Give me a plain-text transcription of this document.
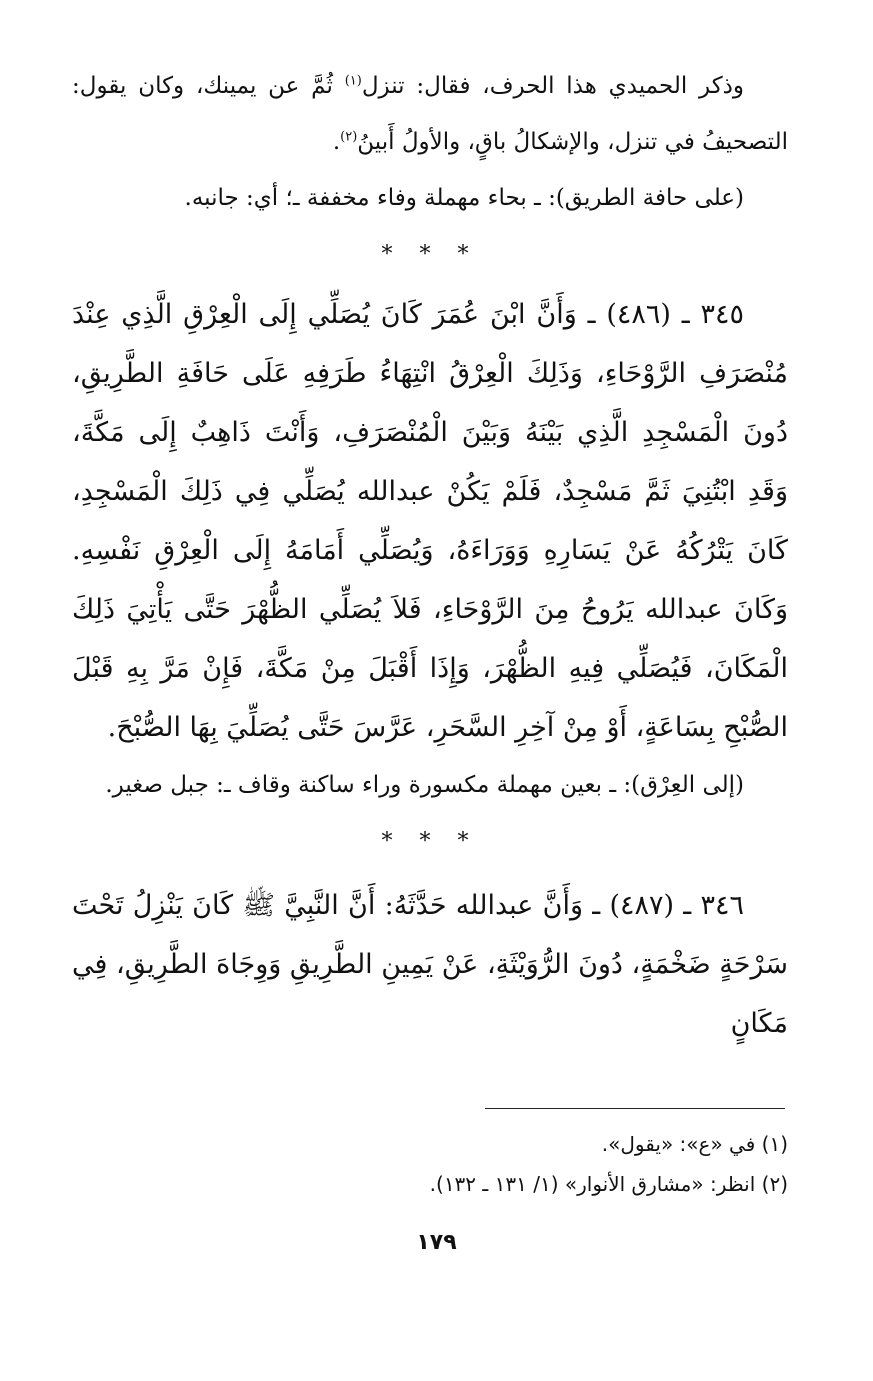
وذكر الحميدي هذا الحرف، فقال: تنزل$^{(١)}$ ثُمَّ عن يمينك، وكان يقول: التصحيفُ في تنزل، والإشكالُ باقٍ، والأولُ أَبينُ$^{(٢)}$.

(على حافة الطريق): ـ بحاء مهملة وفاء مخففة ـ؛ أي: جانبه.

* * *

٣٤٥ ـ (٤٨٦) ـ وَأَنَّ ابْنَ عُمَرَ كَانَ يُصَلِّي إِلَى الْعِرْقِ الَّذِي عِنْدَ مُنْصَرَفِ الرَّوْحَاءِ، وَذَلِكَ الْعِرْقُ انْتِهَاءُ طَرَفِهِ عَلَى حَافَةِ الطَّرِيقِ، دُونَ الْمَسْجِدِ الَّذِي بَيْنَهُ وَبَيْنَ الْمُنْصَرَفِ، وَأَنْتَ ذَاهِبٌ إِلَى مَكَّةَ، وَقَدِ ابْتُنِيَ ثَمَّ مَسْجِدٌ، فَلَمْ يَكُنْ عبدالله يُصَلِّي فِي ذَلِكَ الْمَسْجِدِ، كَانَ يَتْرُكُهُ عَنْ يَسَارِهِ وَوَرَاءَهُ، وَيُصَلِّي أَمَامَهُ إِلَى الْعِرْقِ نَفْسِهِ. وَكَانَ عبدالله يَرُوحُ مِنَ الرَّوْحَاءِ، فَلاَ يُصَلِّي الظُّهْرَ حَتَّى يَأْتِيَ ذَلِكَ الْمَكَانَ، فَيُصَلِّي فِيهِ الظُّهْرَ، وَإِذَا أَقْبَلَ مِنْ مَكَّةَ، فَإِنْ مَرَّ بِهِ قَبْلَ الصُّبْحِ بِسَاعَةٍ، أَوْ مِنْ آخِرِ السَّحَرِ، عَرَّسَ حَتَّى يُصَلِّيَ بِهَا الصُّبْحَ.

(إلى العِرْق): ـ بعين مهملة مكسورة وراء ساكنة وقاف ـ: جبل صغير.

* * *

٣٤٦ ـ (٤٨٧) ـ وَأَنَّ عبدالله حَدَّثَهُ: أَنَّ النَّبِيَّ ﷺ كَانَ يَنْزِلُ تَحْتَ سَرْحَةٍ ضَخْمَةٍ، دُونَ الرُّوَيْثَةِ، عَنْ يَمِينِ الطَّرِيقِ وَوِجَاهَ الطَّرِيقِ، فِي مَكَانٍ

(١) في «ع»: «يقول».

(٢) انظر: «مشارق الأنوار» (١/ ١٣١ ـ ١٣٢).

١٧٩
